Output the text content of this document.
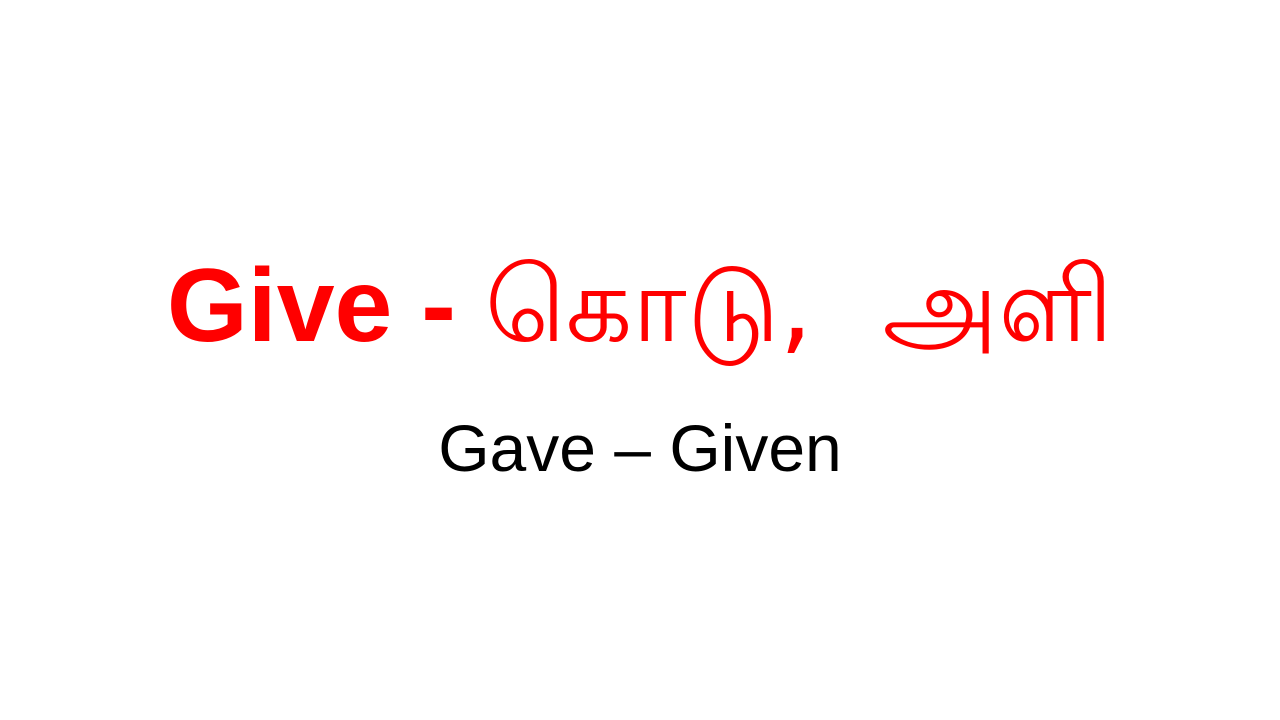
Give - கொடு, அளி
Gave – Given
